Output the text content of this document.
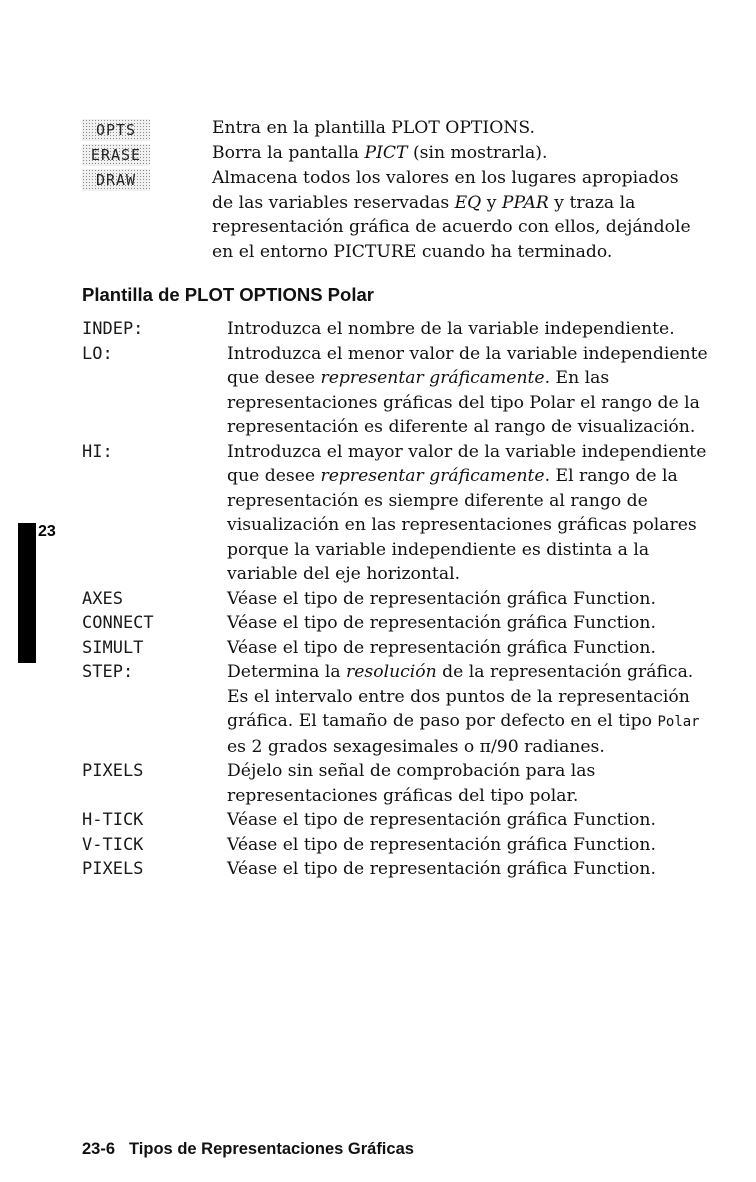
OPTS	Entra en la plantilla PLOT OPTIONS.
ERASE	Borra la pantalla PICT (sin mostrarla).
DRAW	Almacena todos los valores en los lugares apropiados de las variables reservadas EQ y PPAR y traza la representación gráfica de acuerdo con ellos, dejándole en el entorno PICTURE cuando ha terminado.
Plantilla de PLOT OPTIONS Polar
INDEP:	Introduzca el nombre de la variable independiente.
LO:	Introduzca el menor valor de la variable independiente que desee representar gráficamente. En las representaciones gráficas del tipo Polar el rango de la representación es diferente al rango de visualización.
HI:	Introduzca el mayor valor de la variable independiente que desee representar gráficamente. El rango de la representación es siempre diferente al rango de visualización en las representaciones gráficas polares porque la variable independiente es distinta a la variable del eje horizontal.
AXES	Véase el tipo de representación gráfica Function.
CONNECT	Véase el tipo de representación gráfica Function.
SIMULT	Véase el tipo de representación gráfica Function.
STEP:	Determina la resolución de la representación gráfica. Es el intervalo entre dos puntos de la representación gráfica. El tamaño de paso por defecto en el tipo Polar es 2 grados sexagesimales o π/90 radianes.
PIXELS	Déjelo sin señal de comprobación para las representaciones gráficas del tipo polar.
H-TICK	Véase el tipo de representación gráfica Function.
V-TICK	Véase el tipo de representación gráfica Function.
PIXELS	Véase el tipo de representación gráfica Function.

23

23-6 Tipos de Representaciones Gráficas
